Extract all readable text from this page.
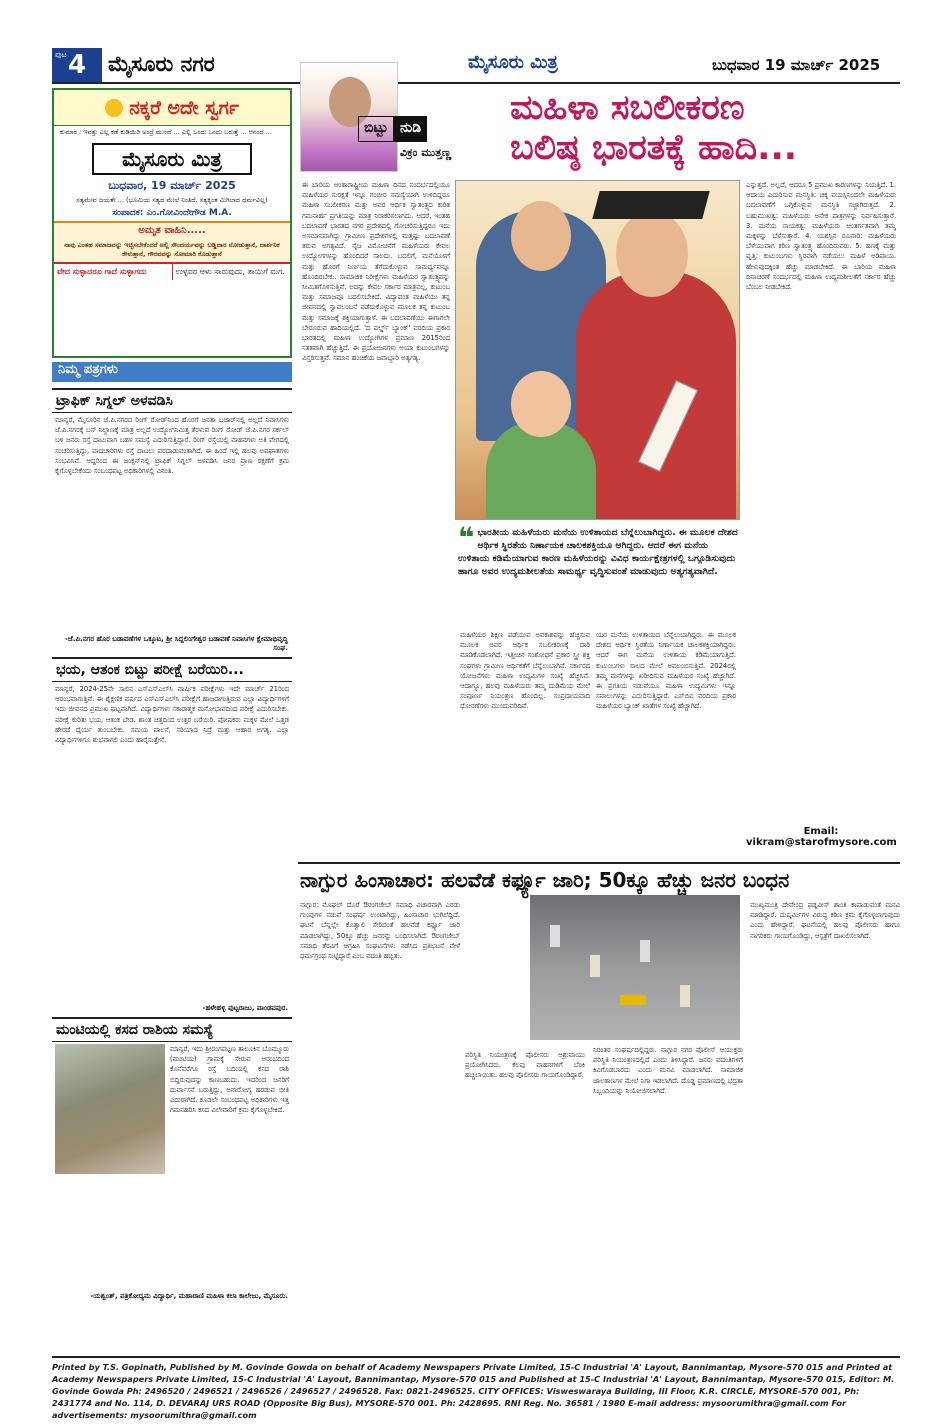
ಪುಟ 4 ಮೈಸೂರು ನಗರ	ಮೈಸೂರು ಮಿತ್ರ	ಬುಧವಾರ 19 ಮಾರ್ಚ್ 2025
ನಕ್ಕರೆ ಅದೇ ಸ್ವರ್ಗ
ಕುಮಾರ : ಇವತ್ತು ಎಲ್ಲ ಕಡೆ ಕುಡಿಯಿರಿ ಅಂದ್ರೆ ಮುಂದೆ ... ಎಲ್ಲಿ ಒಂದು ಒಂದು ಬರುತ್ತೆ ... ಆನಂದ ...
ಮೈಸೂರು ಮಿತ್ರ
ಬುಧವಾರ, 19 ಮಾರ್ಚ್ 2025
ಸತ್ಯಮೇವ ಜಯತೇ ... (ಭೂಮಿಯ ಸತ್ಯದ ಮೇಲೆ ನಿಂತಿದೆ, ಸತ್ಯಕ್ಕಿಂತ ಮಿಗಿಲಾದ ಧರ್ಮವಿಲ್ಲ)
ಸಂಪಾದಕ: ಎಂ.ಗೋವಿಂದೇಗೌಡ M.A.
ಅಮೃತ ವಾಹಿನಿ.....
ನಾವು ಎಂತಹ ಸಮಾಜವನ್ನು ಇಚ್ಛಿಸಬೇಕೆಂದರೆ ಅಲ್ಲಿ ಸೌಂದರ್ಯವನ್ನು ಬಡ್ಡಿದಾರ ನೋಡುತ್ತಾನೆ, ದಾರ್ಶನಿಕ ಕೇಳುತ್ತಾನೆ, ಗೌರವವನ್ನು ಸೋಮಾರಿ ಕೊಡುತ್ತಾನೆ
ವೇದ ಸುಳ್ಳಾದರೂ ಗಾದೆ ಸುಳ್ಳಾಗದು	ಉಳ್ಳವರ ಆಳು ಸಾರುವುದು, ತಾಯಿಗೆ ಮಗ.
ನಿಮ್ಮ ಪತ್ರಗಳು
ಟ್ರಾಫಿಕ್ ಸಿಗ್ನಲ್ ಅಳವಡಿಸಿ
ಮಾನ್ಯರೆ, ಮೈಸೂರಿನ ಜೆ.ಪಿ.ನಗರದ ರಿಂಗ್ ರೋಡ್‌ನಿಂದ ಹೊರಗೆ ಜನತಾ ಬಜಾರ್‌ನಲ್ಲಿ ಅಲ್ಲದೆ ನಿವಾಸಿಗಳು ಜೆ.ಪಿ.ನಗರಕ್ಕೆ ಬಸ್ ನಿಲ್ದಾಣಕ್ಕೆ ಮಾತ್ರ ಅಲ್ಲದೆ ಉದ್ಯೋಗನಿಮಿತ್ತ ತೆರಳುವ ರಿಂಗ್ ರೋಡ್ ಜೆ.ಪಿ.ನಗರ ಸರ್ಕಲ್ ಬಳಿ ಜನರು ರಸ್ತೆ ದಾಟುವಾಗ ಬಹಳ ಸಮಸ್ಯೆ ಎದುರಿಸುತ್ತಿದ್ದಾರೆ. ರಿಂಗ್ ರಸ್ತೆಯಲ್ಲಿ ವಾಹನಗಳು ಅತಿ ವೇಗದಲ್ಲಿ ಸಂಚರಿಸುತ್ತಿದ್ದು, ಪಾದಚಾರಿಗಳು ರಸ್ತೆ ದಾಟಲು ಪರದಾಡುವಂತಾಗಿದೆ. ಈ ಹಿಂದೆ ಇಲ್ಲಿ ಹಲವು ಅಪಘಾತಗಳು ಸಂಭವಿಸಿವೆ. ಆದ್ದರಿಂದ ಈ ಜಂಕ್ಷನ್‌ನಲ್ಲಿ ಟ್ರಾಫಿಕ್ ಸಿಗ್ನಲ್ ಅಳವಡಿಸಿ ಜನರ ಪ್ರಾಣ ರಕ್ಷಣೆಗೆ ಕ್ರಮ ಕೈಗೊಳ್ಳಬೇಕೆಂದು ಸಂಬಂಧಪಟ್ಟ ಅಧಿಕಾರಿಗಳಲ್ಲಿ ವಿನಂತಿ.
-ಜೆ.ಪಿ.ನಗರ ಹೊರ ಬಡಾವಣೆಗಳ ಒಕ್ಕೂಟ, ಶ್ರೀ ಸಿದ್ದಲಿಂಗೇಶ್ವರ ಬಡಾವಣೆ ನಿವಾಸಿಗಳ ಕ್ಷೇಮಾಭಿವೃದ್ಧಿ ಸಂಘ.
ಭಯ, ಆತಂಕ ಬಿಟ್ಟು ಪರೀಕ್ಷೆ ಬರೆಯಿರಿ...
ಮಾನ್ಯರೆ, 2024-25ನೇ ಸಾಲಿನ ಎಸ್‌ಎಸ್‌ಎಲ್‌ಸಿ ವಾರ್ಷಿಕ ಪರೀಕ್ಷೆಗಳು ಇದೇ ಮಾರ್ಚ್ 21ರಿಂದ ಆರಂಭವಾಗುತ್ತಿವೆ. ಈ ಶೈಕ್ಷಣಿಕ ವರ್ಷದ ಎಸ್‌ಎಸ್‌ಎಲ್‌ಸಿ ಪರೀಕ್ಷೆಗೆ ಹಾಜರಾಗುತ್ತಿರುವ ಎಲ್ಲಾ ವಿದ್ಯಾರ್ಥಿಗಳಿಗೆ ಇದು ಜೀವನದ ಪ್ರಮುಖ ಘಟ್ಟವಾಗಿದೆ. ವಿದ್ಯಾರ್ಥಿಗಳು ಸಕಾರಾತ್ಮಕ ಮನೋಭಾವದಿಂದ ಪರೀಕ್ಷೆ ಎದುರಿಸಬೇಕು. ಪರೀಕ್ಷೆ ಕುರಿತು ಭಯ, ಆತಂಕ ಬೇಡ. ಶಾಂತ ಚಿತ್ತದಿಂದ ಉತ್ತರ ಬರೆಯಿರಿ. ಪೋಷಕರು ಮಕ್ಕಳ ಮೇಲೆ ಒತ್ತಡ ಹೇರದೆ ಧೈರ್ಯ ತುಂಬಬೇಕು. ಸಮಯ ಪಾಲನೆ, ಸರಿಯಾದ ನಿದ್ರೆ ಮತ್ತು ಆಹಾರ ಅಗತ್ಯ. ಎಲ್ಲಾ ವಿದ್ಯಾರ್ಥಿಗಳಿಗೂ ಶುಭವಾಗಲಿ ಎಂದು ಹಾರೈಸುತ್ತೇನೆ.
-ಹಳೇಹಳ್ಳಿ ಪುಟ್ಟರಾಜು, ಪಾಂಡವಪುರ.
ಮಂಟಿಯಲ್ಲಿ ಕಸದ ರಾಶಿಯ ಸಮಸ್ಯೆ
ಮಾನ್ಯರೆ, ಇದು ಶ್ರೀರಂಗಪಟ್ಟಣ ತಾಲೂಕಿನ ಬೊಮ್ಮೂರು (ಮಂಟಿಯ) ಗ್ರಾಮಕ್ಕೆ ಸೇರುವ ಆರಂಭದಿಂದ ಕೊನೆವರೆಗೂ ರಸ್ತೆ ಬದಿಯಲ್ಲಿ ಕಸದ ರಾಶಿ ಬಿದ್ದಿರುವುದನ್ನು ಕಾಣಬಹುದು. ಇದರಿಂದ ಜನರಿಗೆ ದುರ್ವಾಸನೆ ಬರುತ್ತಿದ್ದು, ಅನಾರೋಗ್ಯ ಹರಡುವ ಭೀತಿ ಎದುರಾಗಿದೆ. ಕೂಡಲೇ ಸಂಬಂಧಪಟ್ಟ ಅಧಿಕಾರಿಗಳು ಇತ್ತ ಗಮನಹರಿಸಿ ಕಸದ ವಿಲೇವಾರಿಗೆ ಕ್ರಮ ಕೈಗೊಳ್ಳಬೇಕಿದೆ.
-ಯಶ್ವಂತ್, ಪತ್ರಿಕೋದ್ಯಮ ವಿದ್ಯಾರ್ಥಿ, ಮಹಾರಾಣಿ ಮಹಿಳಾ ಕಲಾ ಕಾಲೇಜು, ಮೈಸೂರು.
ಬಿಟ್ಟು ನುಡಿ
ವಿಕ್ರಂ ಮುತ್ತಣ್ಣ
ಮಹಿಳಾ ಸಬಲೀಕರಣ
ಬಲಿಷ್ಠ ಭಾರತಕ್ಕೆ ಹಾದಿ...
ಈ ಬಾರಿಯ ಅಂತಾರಾಷ್ಟ್ರೀಯ ಮಹಿಳಾ ದಿನದ ಸಂದರ್ಭದಲ್ಲಿಯೂ ಮಹಿಳೆಯರ ಸುರಕ್ಷತೆ ಇನ್ನೂ ಗಂಭೀರ ಸಮಸ್ಯೆಯಾಗಿ ಉಳಿದಿದ್ದರೂ ಮಹಿಳಾ ಸಬಲೀಕರಣ ಮತ್ತು ಅವರ ಆರ್ಥಿಕ ಸ್ವಾತಂತ್ರ್ಯದ ಕುರಿತ ಗಮನಾರ್ಹ ಪ್ರಗತಿಯನ್ನು ಮಾತ್ರ ನಿರಾಕರಿಸಲಾಗದು. ಆದರೆ, ಇಂತಹ ಬದಲಾವಣೆ ಭಾರತದ ನಗರ ಪ್ರದೇಶದಲ್ಲಿ ಗೋಚರಿಸುತ್ತಿದ್ದರೂ ಇದು ಅಸಮಾನವಾಗಿದ್ದು ಗ್ರಾಮೀಣ ಪ್ರದೇಶಗಳಲ್ಲಿ ಮತ್ತಷ್ಟು ಬದಲಾವಣೆ ತರುವ ಅಗತ್ಯವಿದೆ. ನೈಜ ವಿಮೋಚನೆಗೆ ಮಹಿಳೆಯರು ಕೇವಲ ಉದ್ಯೋಗಗಳನ್ನು ಹೊಂದಿದರೆ ಸಾಲದು. ಬದಲಿಗೆ, ಮನೆಯೊಳಗೆ ಮತ್ತು ಹೊರಗೆ ನಿರ್ಣಯ ತೆಗೆದುಕೊಳ್ಳುವ ಸಾಮರ್ಥ್ಯವನ್ನೂ ಹೊಂದಿರಬೇಕು. ಸಾಮಾಜಿಕ ನಿರೀಕ್ಷೆಗಳು ಮಹಿಳೆಯರ ಸ್ವಾತಂತ್ರ್ಯವನ್ನು ಸೀಮಿತಗೊಳಿಸುತ್ತಿವೆ. ಅದನ್ನು ಕೇವಲ ಸರ್ಕಾರ ಮಾತ್ರವಲ್ಲ, ಕುಟುಂಬ ಮತ್ತು ಸಮಾಜವೂ ಬದಲಿಸಬೇಕಿದೆ. ವಿದ್ಯಾವಂತ ಮಹಿಳೆಯು ತನ್ನ ಜೀವನದಲ್ಲಿ ಸ್ವಾವಲಂಬನೆ ಪಡೆದುಕೊಳ್ಳುವ ಮೂಲಕ ತನ್ನ ಕುಟುಂಬ ಮತ್ತು ಸಮಾಜಕ್ಕೆ ಶಕ್ತಿಯಾಗುತ್ತಾಳೆ. ಈ ಬದಲಾವಣೆಯು ಈಗಾಗಲೇ ಬೇರೂರುವ ಹಾದಿಯಲ್ಲಿದೆ. 'ದ ವರ್ಲ್ಡ್ ಬ್ಯಾಂಕ್' ವರದಿಯ ಪ್ರಕಾರ ಭಾರತದಲ್ಲಿ ಮಹಿಳಾ ಉದ್ಯೋಗಿಗಳ ಪ್ರಮಾಣ 2015ರಿಂದ ಸತತವಾಗಿ ಹೆಚ್ಚುತ್ತಿದೆ. ಈ ಪ್ರಯೋಜನಗಳು ಆಯಾ ಕುಟುಂಬಗಳನ್ನು ವಿಸ್ತರಿಸುತ್ತವೆ. ಸಮಾನ ಹಂಚಿಕೆಯ ಜವಾಬ್ದಾರಿ ಅತ್ಯಗತ್ಯ.
❝ ಭಾರತೀಯ ಮಹಿಳೆಯರು ಮನೆಯ ಉಳಿತಾಯದ ಬೆನ್ನೆಲುಬಾಗಿದ್ದರು. ಈ ಮೂಲಕ ದೇಶದ ಆರ್ಥಿಕ ಸ್ಥಿರತೆಯ ನಿರ್ಣಾಯಕ ಚಾಲಕಶಕ್ತಿಯೂ ಆಗಿದ್ದರು. ಆದರೆ ಈಗ ಮನೆಯ ಉಳಿತಾಯ ಕಡಿಮೆಯಾಗುವ ಕಾರಣ ಮಹಿಳೆಯರನ್ನು ವಿವಿಧ ಕಾರ್ಯಕ್ಷೇತ್ರಗಳಲ್ಲಿ ಒಗ್ಗೂಡಿಸುವುದು ಹಾಗೂ ಅವರ ಉದ್ಯಮಶೀಲತೆಯ ಸಾಮರ್ಥ್ಯ ವೃದ್ಧಿಸುವಂತೆ ಮಾಡುವುದು ಅತ್ಯಗತ್ಯವಾಗಿದೆ.
ಮಹಿಳೆಯರ ಶಿಕ್ಷಣ ಪಡೆಯುವ ಅವಕಾಶವನ್ನು ಹೆಚ್ಚಿಸುವ ಮೂಲಕ ಅವರ ಆರ್ಥಿಕ ಸಬಲೀಕರಣಕ್ಕೆ ದಾರಿ ಮಾಡಿಕೊಡಲಾಗಿದೆ. ಇತ್ತೀಚಿನ ಸಂಶೋಧನೆ ಪ್ರಕಾರ ಸ್ತ್ರೀ ಶಕ್ತಿ ಸಂಘಗಳು ಗ್ರಾಮೀಣ ಆರ್ಥಿಕತೆಗೆ ಬೆನ್ನೆಲುಬಾಗಿವೆ. ಸರ್ಕಾರದ ಯೋಜನೆಗಳು ಮಹಿಳಾ ಉದ್ಯಮಿಗಳ ಸಂಖ್ಯೆ ಹೆಚ್ಚಿಸಿವೆ. ಆದಾಗ್ಯೂ, ಹಲವು ಮಹಿಳೆಯರು ತಮ್ಮ ದುಡಿಮೆಯ ಮೇಲೆ ಸಂಪೂರ್ಣ ನಿಯಂತ್ರಣ ಹೊಂದಿಲ್ಲ. ಸಂಪ್ರದಾಯವಾದಿ ಧೋರಣೆಗಳು ಮುಂದುವರಿದಿವೆ.
ಯರ ಮನೆಯ ಉಳಿತಾಯದ ಬೆನ್ನೆಲುಬಾಗಿದ್ದರು. ಈ ಮೂಲಕ ದೇಶದ ಆರ್ಥಿಕ ಸ್ಥಿರತೆಯ ನಿರ್ಣಾಯಕ ಚಾಲಕಶಕ್ತಿಯಾಗಿದ್ದರು. ಆದರೆ ಈಗ ಮನೆಯ ಉಳಿತಾಯ ಕಡಿಮೆಯಾಗುತ್ತಿದೆ. ಕುಟುಂಬಗಳು ಸಾಲದ ಮೇಲೆ ಅವಲಂಬಿಸುತ್ತಿವೆ. 2024ರಲ್ಲಿ ತಮ್ಮ ಮನೆಗಳನ್ನು ಖರೀದಿಸುವ ಮಹಿಳೆಯರ ಸಂಖ್ಯೆ ಹೆಚ್ಚಾಗಿದೆ. ಈ ಪ್ರಗತಿಯ ನಡುವೆಯೂ ಮಹಿಳಾ ಉದ್ಯಮಿಗಳು ಇನ್ನೂ ಸವಾಲುಗಳನ್ನು ಎದುರಿಸುತ್ತಿದ್ದಾರೆ. ಎಸ್‌ಬಿಐ ವರದಿಯ ಪ್ರಕಾರ ಮಹಿಳೆಯರ ಬ್ಯಾಂಕ್ ಖಾತೆಗಳ ಸಂಖ್ಯೆ ಹೆಚ್ಚಾಗಿದೆ.
ಎನ್ನುತ್ತದೆ. ಅಲ್ಲದೆ, ಆದರೂ 5 ಪ್ರಮುಖ ಕಾರಣಗಳನ್ನು ನಿಯತ್ತಿದೆ. 1. ಆದಾಯ ಎದುರಿಸುವ ಮನಸ್ಥಿತಿ: ಚಿಕ್ಕ ವಯಸ್ಸಿನಿಂದಲೇ ಮಹಿಳೆಯರು ಬದಲಾವಣೆಗೆ ಒಗ್ಗಿಕೊಳ್ಳುವ ಮನಸ್ಥಿತಿ ಸಜ್ಜಾಗಿರುತ್ತದೆ. 2. ಬಹುಮುಖತ್ವ: ಮಹಿಳೆಯರು ಅನೇಕ ಪಾತ್ರಗಳನ್ನು ನಿರ್ವಹಿಸುತ್ತಾರೆ. 3. ಮನೆಯ ನಾಯಕತ್ವ: ಮಹಿಳೆಯರು ಆಂತರ್ಗತವಾಗಿ ತಮ್ಮ ಮಕ್ಕಳನ್ನು ಬೆಳೆಸುತ್ತಾರೆ. 4. ಯಶಸ್ಸಿನ ರೂವಾರಿ: ಮಹಿಳೆಯರು ಬೆಳೆಯುವಾಗ ಕಠಿಣ ಸ್ವಾತಂತ್ರ್ಯ ಹೊಂದಿರುವರು. 5. ಹಣಕ್ಕೆ ಮತ್ತು ವೃತ್ತಿ: ಕುಟುಂಬಗಳು ಸ್ಥಿರವಾಗಿ ನಡೆಯಲು ಮಹಿಳೆ ಅಡಿಪಾಯ. ಹೇಳುವುದಕ್ಕಿಂತ ಹೆಚ್ಚು ಮಾಡಬೇಕಿದೆ. ಈ ಬಾರಿಯ ಮಹಿಳಾ ದಿನಾಚರಣೆ ಸಂದರ್ಭದಲ್ಲಿ ಮಹಿಳಾ ಉದ್ಯಮಶೀಲತೆಗೆ ಸರ್ಕಾರ ಹೆಚ್ಚು ಬೆಂಬಲ ನೀಡಬೇಕಿದೆ.
Email:
vikram@starofmysore.com
ನಾಗ್ಪುರ ಹಿಂಸಾಚಾರ: ಹಲವೆಡೆ ಕರ್ಫ್ಯೂ ಜಾರಿ; 50ಕ್ಕೂ ಹೆಚ್ಚು ಜನರ ಬಂಧನ
ನಾಗ್ಪುರ: ಮೊಘಲ್ ದೊರೆ ಔರಂಗಜೇಬ್ ಸಮಾಧಿ ವಿಚಾರವಾಗಿ ಎರಡು ಗುಂಪುಗಳ ನಡುವೆ ಸಂಘರ್ಷ ಉಂಟಾಗಿದ್ದು, ಹಿಂಸಾಚಾರ ಭುಗಿಲೆದ್ದಿದೆ. ಘಟನೆ ಬೆನ್ನಲ್ಲೇ ಕೊತ್ವಾಲಿ ಸೇರಿದಂತೆ ಹಲವೆಡೆ ಕರ್ಫ್ಯೂ ಜಾರಿ ಮಾಡಲಾಗಿದ್ದು, 50ಕ್ಕೂ ಹೆಚ್ಚು ಜನರನ್ನು ಬಂಧಿಸಲಾಗಿದೆ. ಔರಂಗಜೇಬ್ ಸಮಾಧಿ ತೆರವಿಗೆ ಆಗ್ರಹಿಸಿ ಸಂಘಟನೆಗಳು ನಡೆಸಿದ ಪ್ರತಿಭಟನೆ ವೇಳೆ ಧರ್ಮಗ್ರಂಥ ಸುಟ್ಟಿದ್ದಾರೆ ಎಂಬ ವದಂತಿ ಹಬ್ಬಿತು.
ಪರಿಸ್ಥಿತಿ ನಿಯಂತ್ರಣಕ್ಕೆ ಪೊಲೀಸರು ಅಶ್ರುವಾಯು ಪ್ರಯೋಗಿಸಿದರು. ಕೆಲವು ವಾಹನಗಳಿಗೆ ಬೆಂಕಿ ಹಚ್ಚಲಾಯಿತು. ಹಲವು ಪೊಲೀಸರು ಗಾಯಗೊಂಡಿದ್ದಾರೆ.
ಮುಖ್ಯಮಂತ್ರಿ ದೇವೇಂದ್ರ ಫಡ್ನವೀಸ್ ಶಾಂತಿ ಕಾಪಾಡುವಂತೆ ಮನವಿ ಮಾಡಿದ್ದಾರೆ. ದುಷ್ಕರ್ಮಿಗಳ ವಿರುದ್ಧ ಕಠಿಣ ಕ್ರಮ ಕೈಗೊಳ್ಳಲಾಗುವುದು ಎಂದು ಹೇಳಿದ್ದಾರೆ. ಘಟನೆಯಲ್ಲಿ ಹಲವು ಪೊಲೀಸರು ಹಾಗೂ ನಾಗರಿಕರು ಗಾಯಗೊಂಡಿದ್ದು, ಆಸ್ಪತ್ರೆಗೆ ದಾಖಲಿಸಲಾಗಿದೆ.
ನಿರಂತರ ಸಂಘರ್ಷದಲ್ಲಿದ್ದರು. ನಾಗ್ಪುರ ನಗರ ಪೊಲೀಸ್ ಆಯುಕ್ತರು ಪರಿಸ್ಥಿತಿ ನಿಯಂತ್ರಣದಲ್ಲಿದೆ ಎಂದು ತಿಳಿಸಿದ್ದಾರೆ. ಜನರು ವದಂತಿಗಳಿಗೆ ಕಿವಿಗೊಡಬಾರದು ಎಂದು ಮನವಿ ಮಾಡಲಾಗಿದೆ. ಸಾಮಾಜಿಕ ಜಾಲತಾಣಗಳ ಮೇಲೆ ನಿಗಾ ಇಡಲಾಗಿದೆ. ದೊಡ್ಡ ಪ್ರಮಾಣದಲ್ಲಿ ಭದ್ರತಾ ಸಿಬ್ಬಂದಿಯನ್ನು ನಿಯೋಜಿಸಲಾಗಿದೆ.
Printed by T.S. Gopinath, Published by M. Govinde Gowda on behalf of Academy Newspapers Private Limited, 15-C Industrial 'A' Layout, Bannimantap, Mysore-570 015 and Printed at Academy Newspapers Private Limited, 15-C Industrial 'A' Layout, Bannimantap, Mysore-570 015 and Published at 15-C Industrial 'A' Layout, Bannimantap, Mysore-570 015, Editor: M. Govinde Gowda Ph: 2496520 / 2496521 / 2496526 / 2496527 / 2496528. Fax: 0821-2496525. CITY OFFICES: Visweswaraya Building, III Floor, K.R. CIRCLE, MYSORE-570 001, Ph: 2431774 and No. 114, D. DEVARAJ URS ROAD (Opposite Big Bus), MYSORE-570 001. Ph: 2428695. RNI Reg. No. 36581 / 1980 E-mail address: mysoorumithra@gmail.com For advertisements: mysoorumithra@gmail.com
